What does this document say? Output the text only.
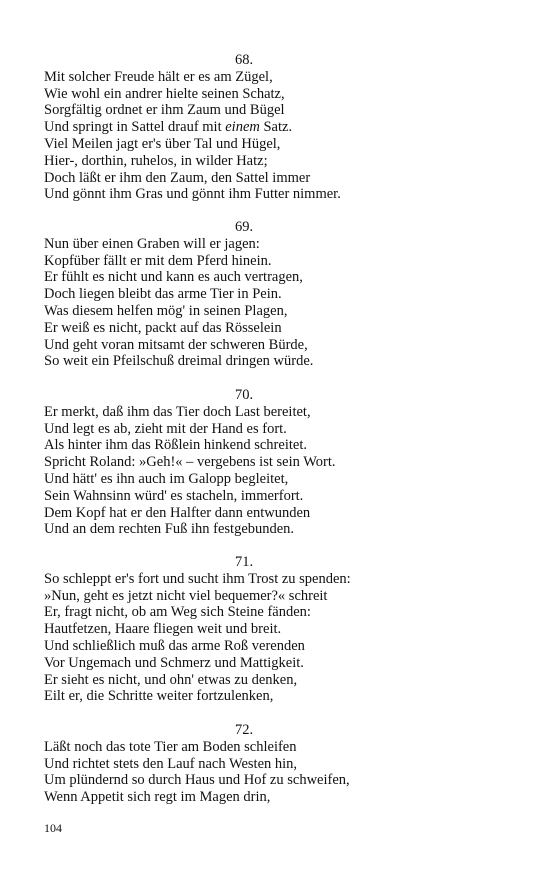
68.
Mit solcher Freude hält er es am Zügel,
Wie wohl ein andrer hielte seinen Schatz,
Sorgfältig ordnet er ihm Zaum und Bügel
Und springt in Sattel drauf mit einem Satz.
Viel Meilen jagt er's über Tal und Hügel,
Hier-, dorthin, ruhelos, in wilder Hatz;
Doch läßt er ihm den Zaum, den Sattel immer
Und gönnt ihm Gras und gönnt ihm Futter nimmer.
69.
Nun über einen Graben will er jagen:
Kopfüber fällt er mit dem Pferd hinein.
Er fühlt es nicht und kann es auch vertragen,
Doch liegen bleibt das arme Tier in Pein.
Was diesem helfen mög' in seinen Plagen,
Er weiß es nicht, packt auf das Rösselein
Und geht voran mitsamt der schweren Bürde,
So weit ein Pfeilschuß dreimal dringen würde.
70.
Er merkt, daß ihm das Tier doch Last bereitet,
Und legt es ab, zieht mit der Hand es fort.
Als hinter ihm das Rößlein hinkend schreitet.
Spricht Roland: »Geh!« – vergebens ist sein Wort.
Und hätt' es ihn auch im Galopp begleitet,
Sein Wahnsinn würd' es stacheln, immerfort.
Dem Kopf hat er den Halfter dann entwunden
Und an dem rechten Fuß ihn festgebunden.
71.
So schleppt er's fort und sucht ihm Trost zu spenden:
»Nun, geht es jetzt nicht viel bequemer?« schreit
Er, fragt nicht, ob am Weg sich Steine fänden:
Hautfetzen, Haare fliegen weit und breit.
Und schließlich muß das arme Roß verenden
Vor Ungemach und Schmerz und Mattigkeit.
Er sieht es nicht, und ohn' etwas zu denken,
Eilt er, die Schritte weiter fortzulenken,
72.
Läßt noch das tote Tier am Boden schleifen
Und richtet stets den Lauf nach Westen hin,
Um plündernd so durch Haus und Hof zu schweifen,
Wenn Appetit sich regt im Magen drin,
104
